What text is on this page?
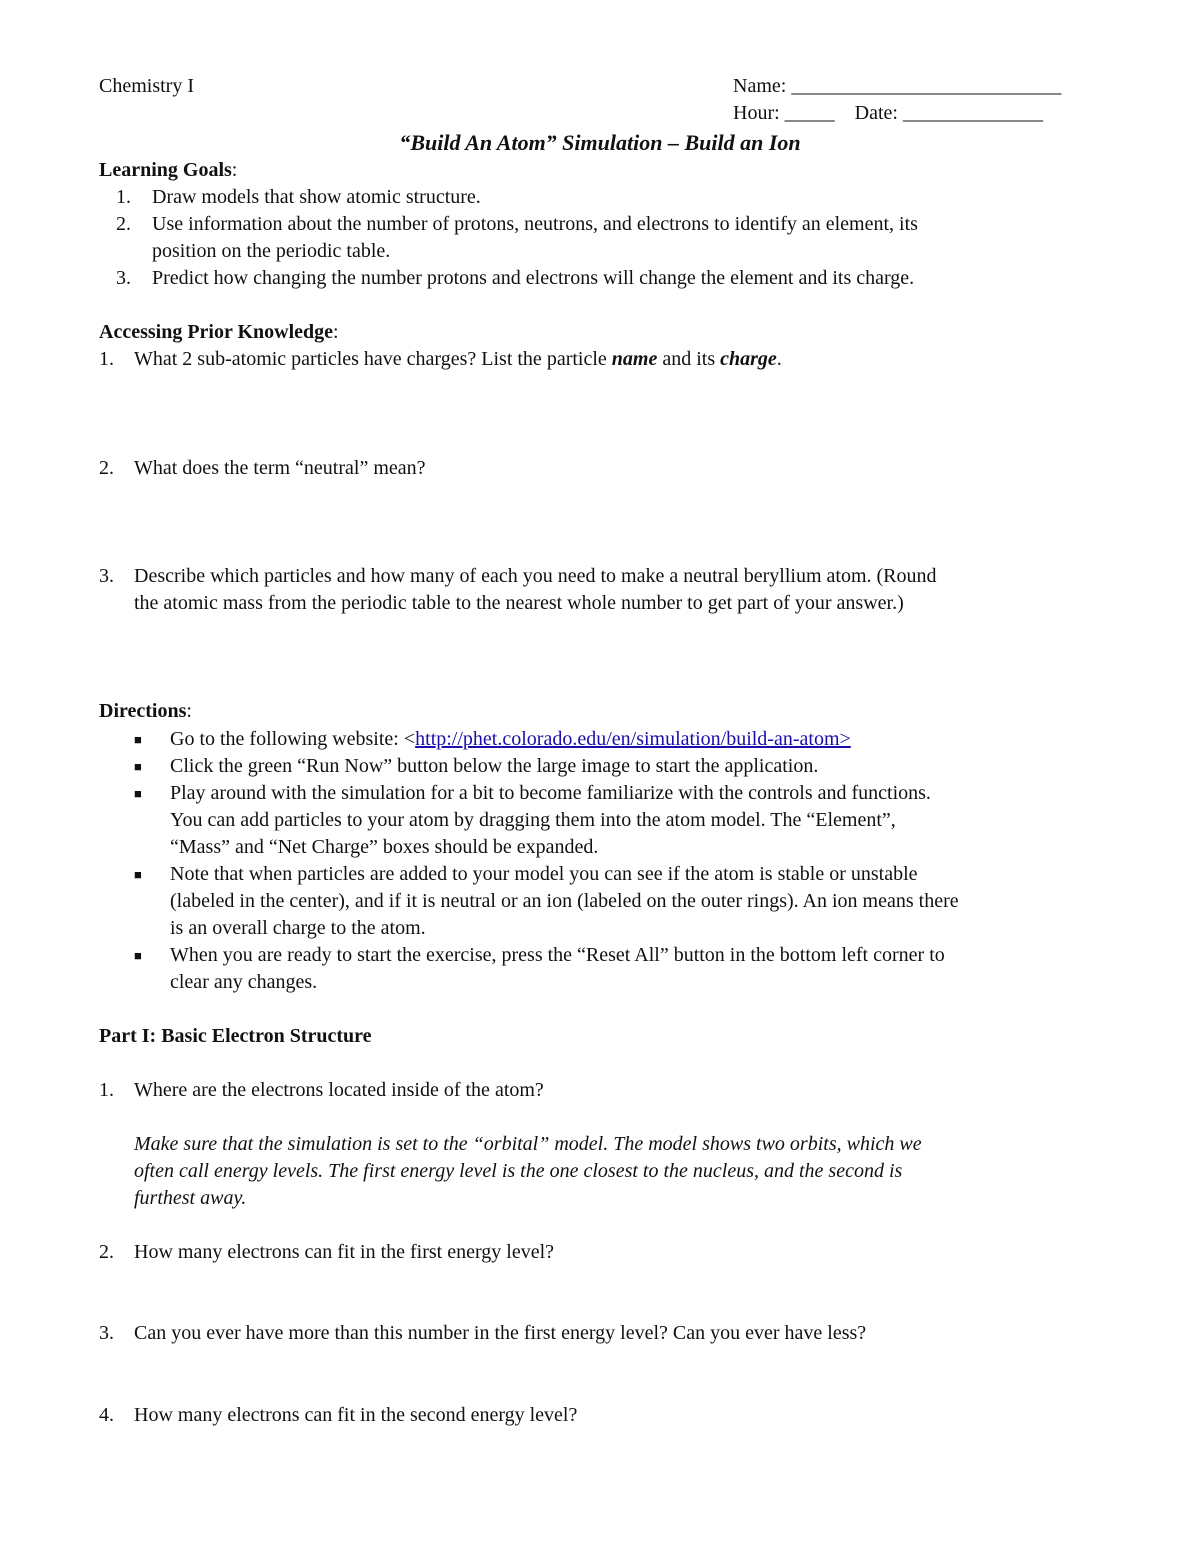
Chemistry I	Name: ___________________________
Hour: _____ Date: ______________
“Build An Atom” Simulation – Build an Ion
Learning Goals:
1. Draw models that show atomic structure.
2. Use information about the number of protons, neutrons, and electrons to identify an element, its
position on the periodic table.
3. Predict how changing the number protons and electrons will change the element and its charge.
Accessing Prior Knowledge:
1. What 2 sub-atomic particles have charges? List the particle name and its charge.
2. What does the term “neutral” mean?
3. Describe which particles and how many of each you need to make a neutral beryllium atom. (Round
the atomic mass from the periodic table to the nearest whole number to get part of your answer.)
Directions:
■ Go to the following website: <http://phet.colorado.edu/en/simulation/build-an-atom>
■ Click the green “Run Now” button below the large image to start the application.
■ Play around with the simulation for a bit to become familiarize with the controls and functions.
You can add particles to your atom by dragging them into the atom model. The “Element”,
“Mass” and “Net Charge” boxes should be expanded.
■ Note that when particles are added to your model you can see if the atom is stable or unstable
(labeled in the center), and if it is neutral or an ion (labeled on the outer rings). An ion means there
is an overall charge to the atom.
■ When you are ready to start the exercise, press the “Reset All” button in the bottom left corner to
clear any changes.
Part I: Basic Electron Structure
1. Where are the electrons located inside of the atom?
Make sure that the simulation is set to the “orbital” model. The model shows two orbits, which we
often call energy levels. The first energy level is the one closest to the nucleus, and the second is
furthest away.
2. How many electrons can fit in the first energy level?
3. Can you ever have more than this number in the first energy level? Can you ever have less?
4. How many electrons can fit in the second energy level?
